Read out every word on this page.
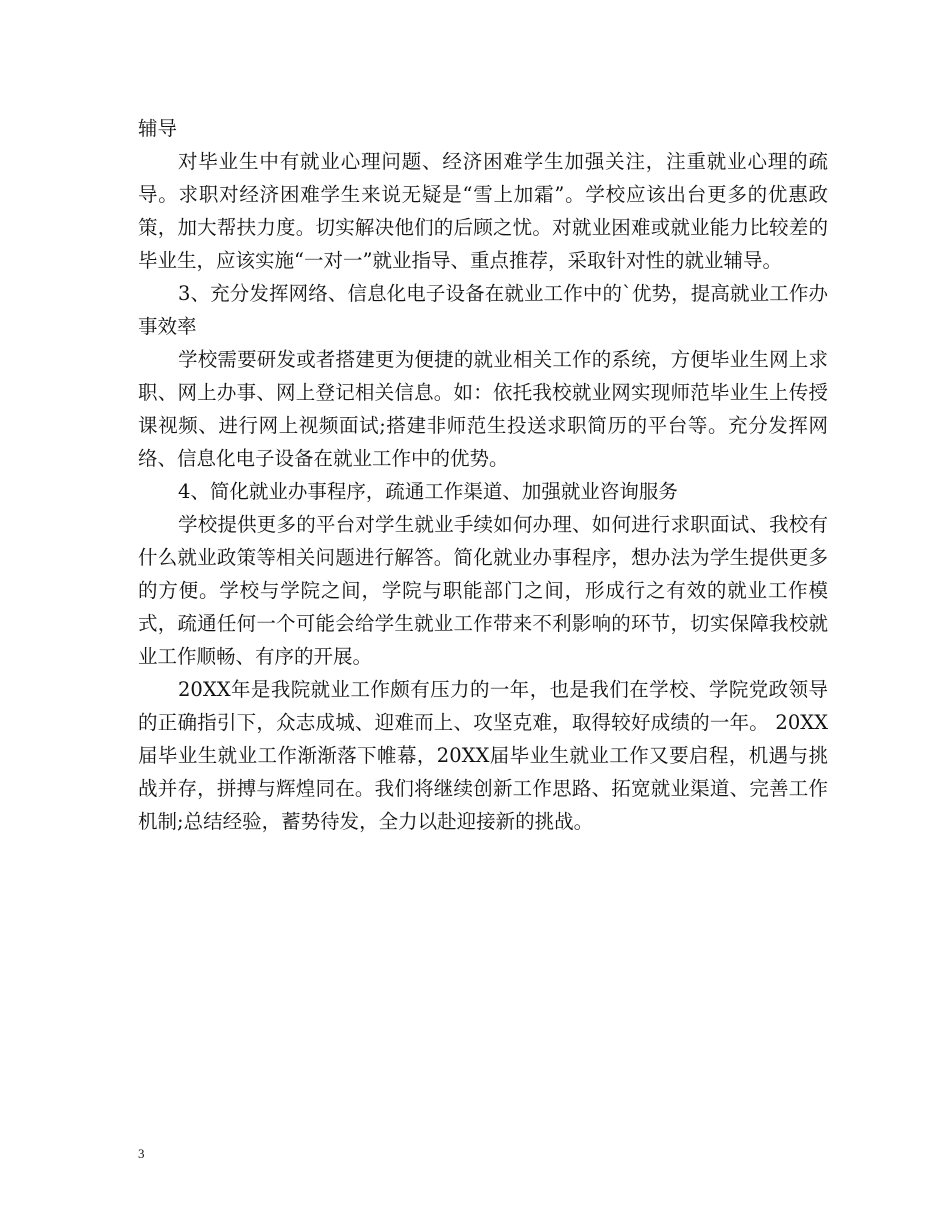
辅导

对毕业生中有就业心理问题、经济困难学生加强关注，注重就业心理的疏导。求职对经济困难学生来说无疑是“雪上加霜”。学校应该出台更多的优惠政策，加大帮扶力度。切实解决他们的后顾之忧。对就业困难或就业能力比较差的毕业生，应该实施“一对一”就业指导、重点推荐，采取针对性的就业辅导。

3、充分发挥网络、信息化电子设备在就业工作中的`优势，提高就业工作办事效率

学校需要研发或者搭建更为便捷的就业相关工作的系统，方便毕业生网上求职、网上办事、网上登记相关信息。如：依托我校就业网实现师范毕业生上传授课视频、进行网上视频面试;搭建非师范生投送求职简历的平台等。充分发挥网络、信息化电子设备在就业工作中的优势。

4、简化就业办事程序，疏通工作渠道、加强就业咨询服务

学校提供更多的平台对学生就业手续如何办理、如何进行求职面试、我校有什么就业政策等相关问题进行解答。简化就业办事程序，想办法为学生提供更多的方便。学校与学院之间，学院与职能部门之间，形成行之有效的就业工作模式，疏通任何一个可能会给学生就业工作带来不利影响的环节，切实保障我校就业工作顺畅、有序的开展。

20XX年是我院就业工作颇有压力的一年，也是我们在学校、学院党政领导的正确指引下，众志成城、迎难而上、攻坚克难，取得较好成绩的一年。 20XX届毕业生就业工作渐渐落下帷幕，20XX届毕业生就业工作又要启程，机遇与挑战并存，拼搏与辉煌同在。我们将继续创新工作思路、拓宽就业渠道、完善工作机制;总结经验，蓄势待发，全力以赴迎接新的挑战。

3
